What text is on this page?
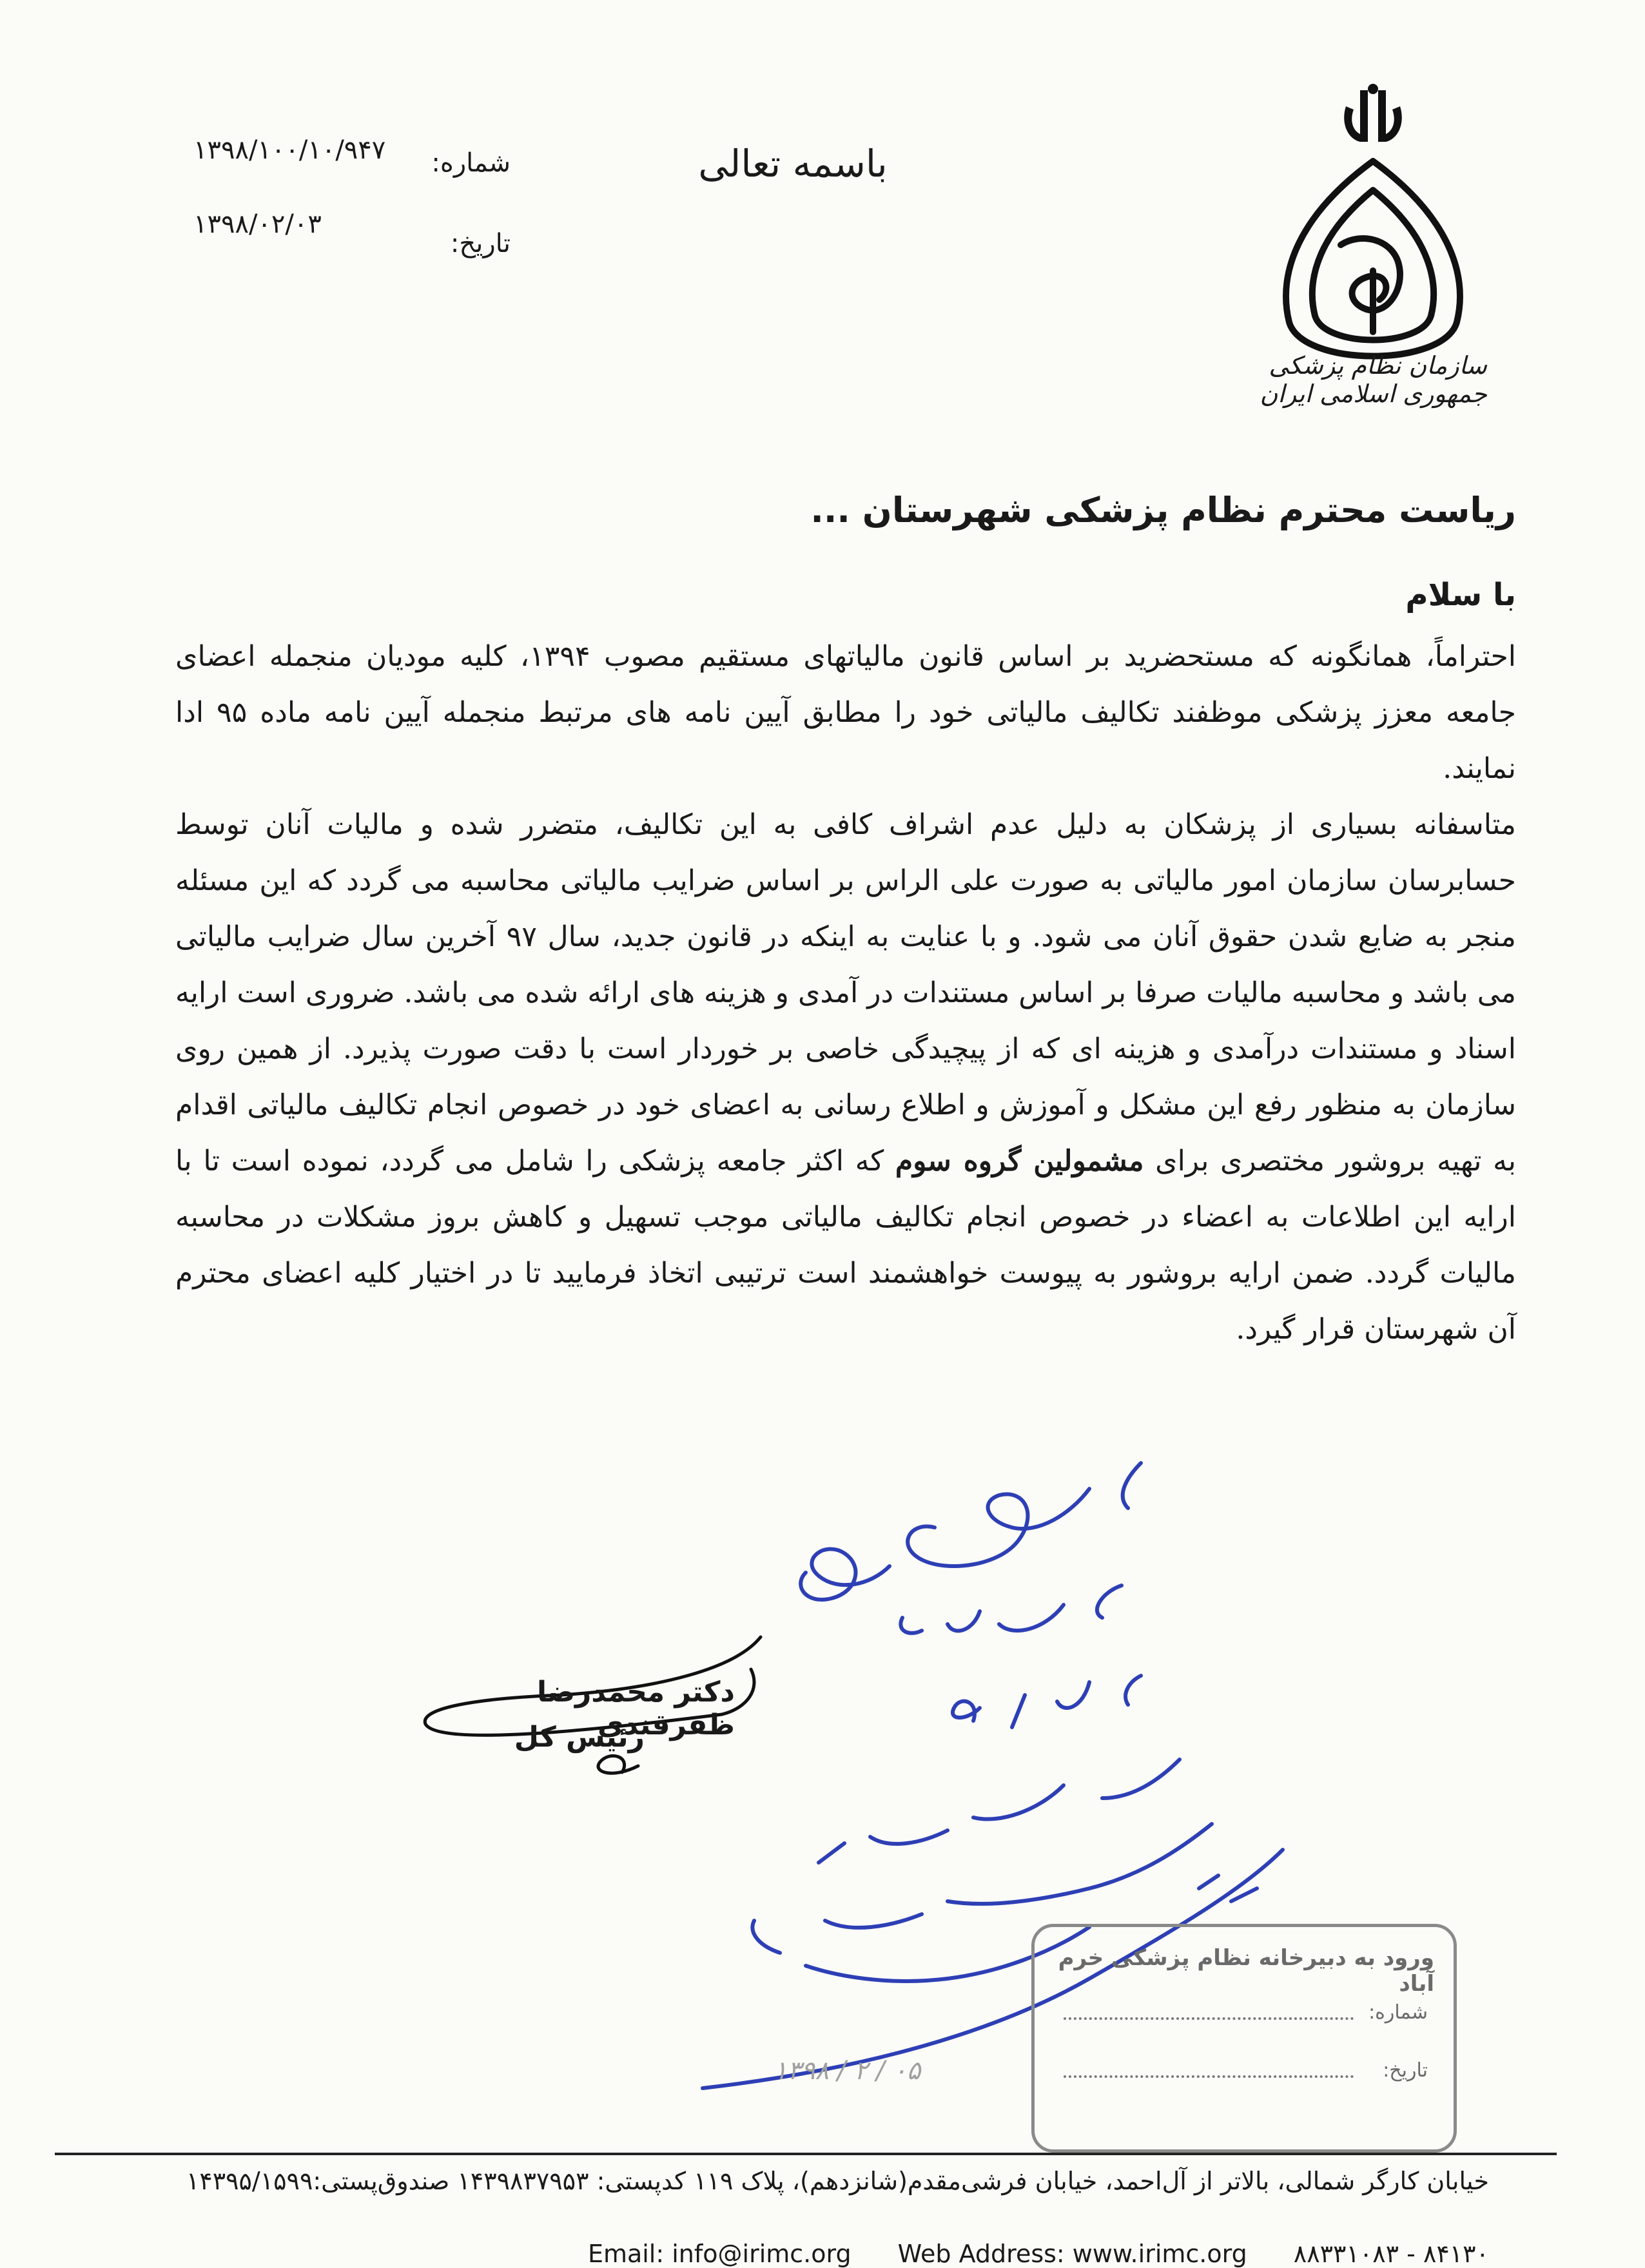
سازمان نظام پزشکی جمهوری اسلامی ایران
باسمه تعالی
شماره:
۱۳۹۸/۱۰۰/۱۰/۹۴۷
تاریخ:
۱۳۹۸/۰۲/۰۳
ریاست محترم نظام پزشکی شهرستان ...
با سلام

احتراماً، همانگونه که مستحضرید بر اساس قانون مالیاتهای مستقیم مصوب ۱۳۹۴، کلیه مودیان منجمله اعضای جامعه معزز پزشکی موظفند تکالیف مالیاتی خود را مطابق آیین نامه های مرتبط منجمله آیین نامه ماده ۹۵ ادا نمایند.

متاسفانه بسیاری از پزشکان به دلیل عدم اشراف کافی به این تکالیف، متضرر شده و مالیات آنان توسط حسابرسان سازمان امور مالیاتی به صورت علی الراس بر اساس ضرایب مالیاتی محاسبه می گردد که این مسئله منجر به ضایع شدن حقوق آنان می شود. و با عنایت به اینکه در قانون جدید، سال ۹۷ آخرین سال ضرایب مالیاتی می باشد و محاسبه مالیات صرفا بر اساس مستندات در آمدی و هزینه های ارائه شده می باشد. ضروری است ارایه اسناد و مستندات درآمدی و هزینه ای که از پیچیدگی خاصی بر خوردار است با دقت صورت پذیرد. از همین روی سازمان به منظور رفع این مشکل و آموزش و اطلاع رسانی به اعضای خود در خصوص انجام تکالیف مالیاتی اقدام به تهیه بروشور مختصری برای مشمولین گروه سوم که اکثر جامعه پزشکی را شامل می گردد، نموده است تا با ارایه این اطلاعات به اعضاء در خصوص انجام تکالیف مالیاتی موجب تسهیل و کاهش بروز مشکلات در محاسبه مالیات گردد. ضمن ارایه بروشور به پیوست خواهشمند است ترتیبی اتخاذ فرمایید تا در اختیار کلیه اعضای محترم آن شهرستان قرار گیرد.

دکتر محمدرضا ظفرقندی
رئیس کل
ورود به دبیرخانه نظام پزشکی خرم آباد
شماره:
تاریخ:
۱۳۹۸ / ۲ / ۰۵
خیابان کارگر شمالی، بالاتر از آل‌احمد، خیابان فرشی‌مقدم(شانزدهم)، پلاک ۱۱۹ کدپستی: ۱۴۳۹۸۳۷۹۵۳ صندوق‌پستی:۱۴۳۹۵/۱۵۹۹
Email: info@irimc.org Web Address: www.irimc.org ۸۸۳۳۱۰۸۳ - ۸۴۱۳۰
